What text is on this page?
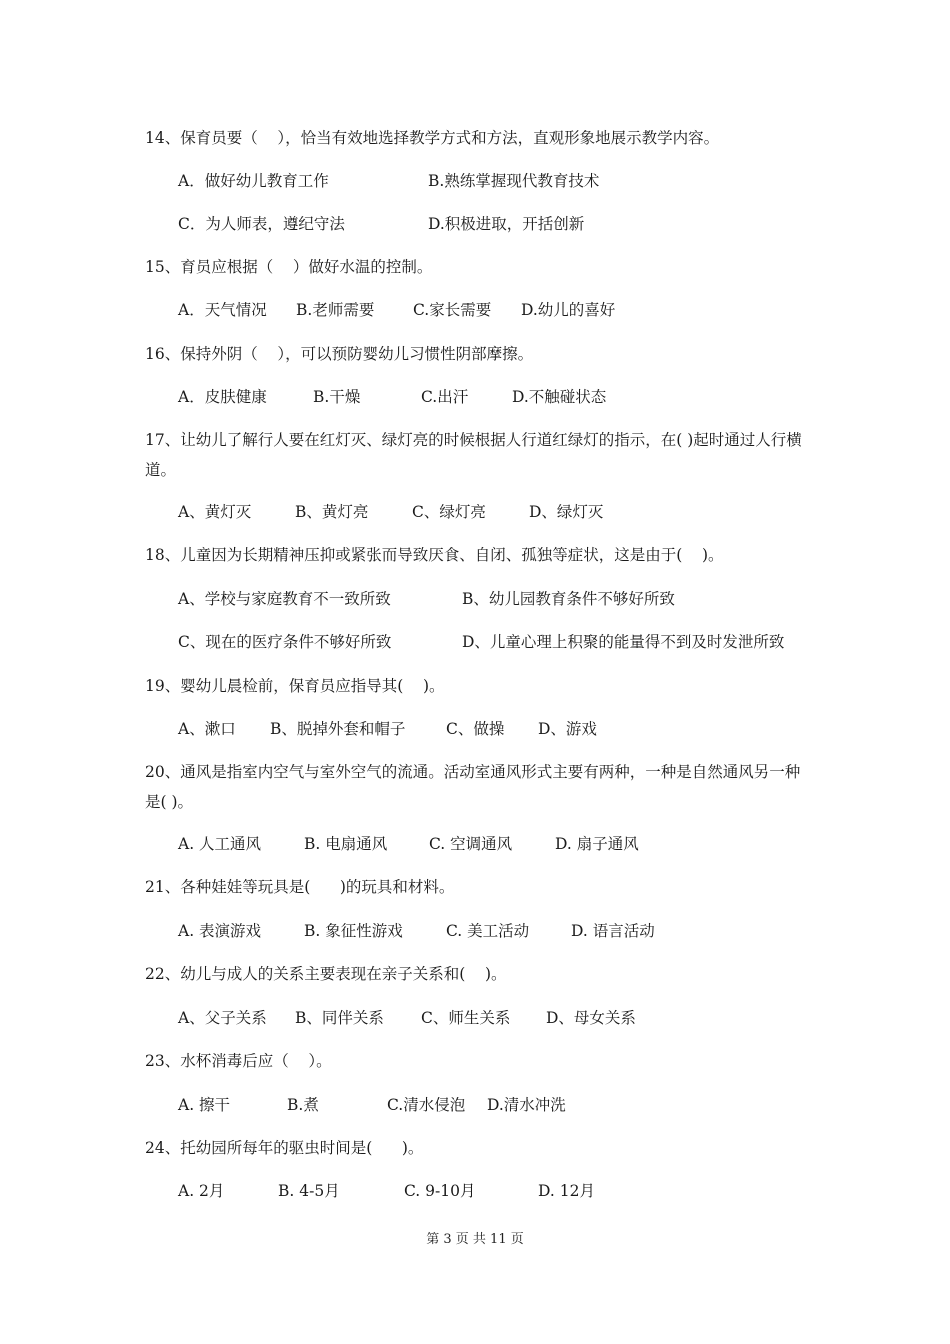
14、保育员要（    ），恰当有效地选择教学方式和方法，直观形象地展示教学内容。
A．做好幼儿教育工作	B.熟练掌握现代教育技术
C．为人师表，遵纪守法	D.积极进取，开括创新
15、育员应根据（    ）做好水温的控制。
A．天气情况 B.老师需要 C.家长需要 D.幼儿的喜好
16、保持外阴（    ），可以预防婴幼儿习惯性阴部摩擦。
A．皮肤健康	B.干燥	C.出汗	D.不触碰状态
17、让幼儿了解行人要在红灯灭、绿灯亮的时候根据人行道红绿灯的指示，在( )起时通过人行横道。
A、黄灯灭	B、黄灯亮	C、绿灯亮	D、绿灯灭
18、儿童因为长期精神压抑或紧张而导致厌食、自闭、孤独等症状，这是由于(    )。
A、学校与家庭教育不一致所致	B、幼儿园教育条件不够好所致
C、现在的医疗条件不够好所致	D、儿童心理上积聚的能量得不到及时发泄所致
19、婴幼儿晨检前，保育员应指导其(    )。
A、漱口 B、脱掉外套和帽子	C、做操 D、游戏
20、通风是指室内空气与室外空气的流通。活动室通风形式主要有两种，一种是自然通风另一种是( )。
A. 人工通风	B. 电扇通风	C. 空调通风	D. 扇子通风
21、各种娃娃等玩具是(      )的玩具和材料。
A. 表演游戏	B. 象征性游戏	C. 美工活动	D. 语言活动
22、幼儿与成人的关系主要表现在亲子关系和(    )。
A、父子关系 B、同伴关系 C、师生关系 D、母女关系
23、水杯消毒后应（    ）。
A. 擦干	B.煮	C.清水侵泡 D.清水冲洗
24、托幼园所每年的驱虫时间是(      )。
A. 2月	B. 4-5月	C. 9-10月	D. 12月
第 3 页 共 11 页
